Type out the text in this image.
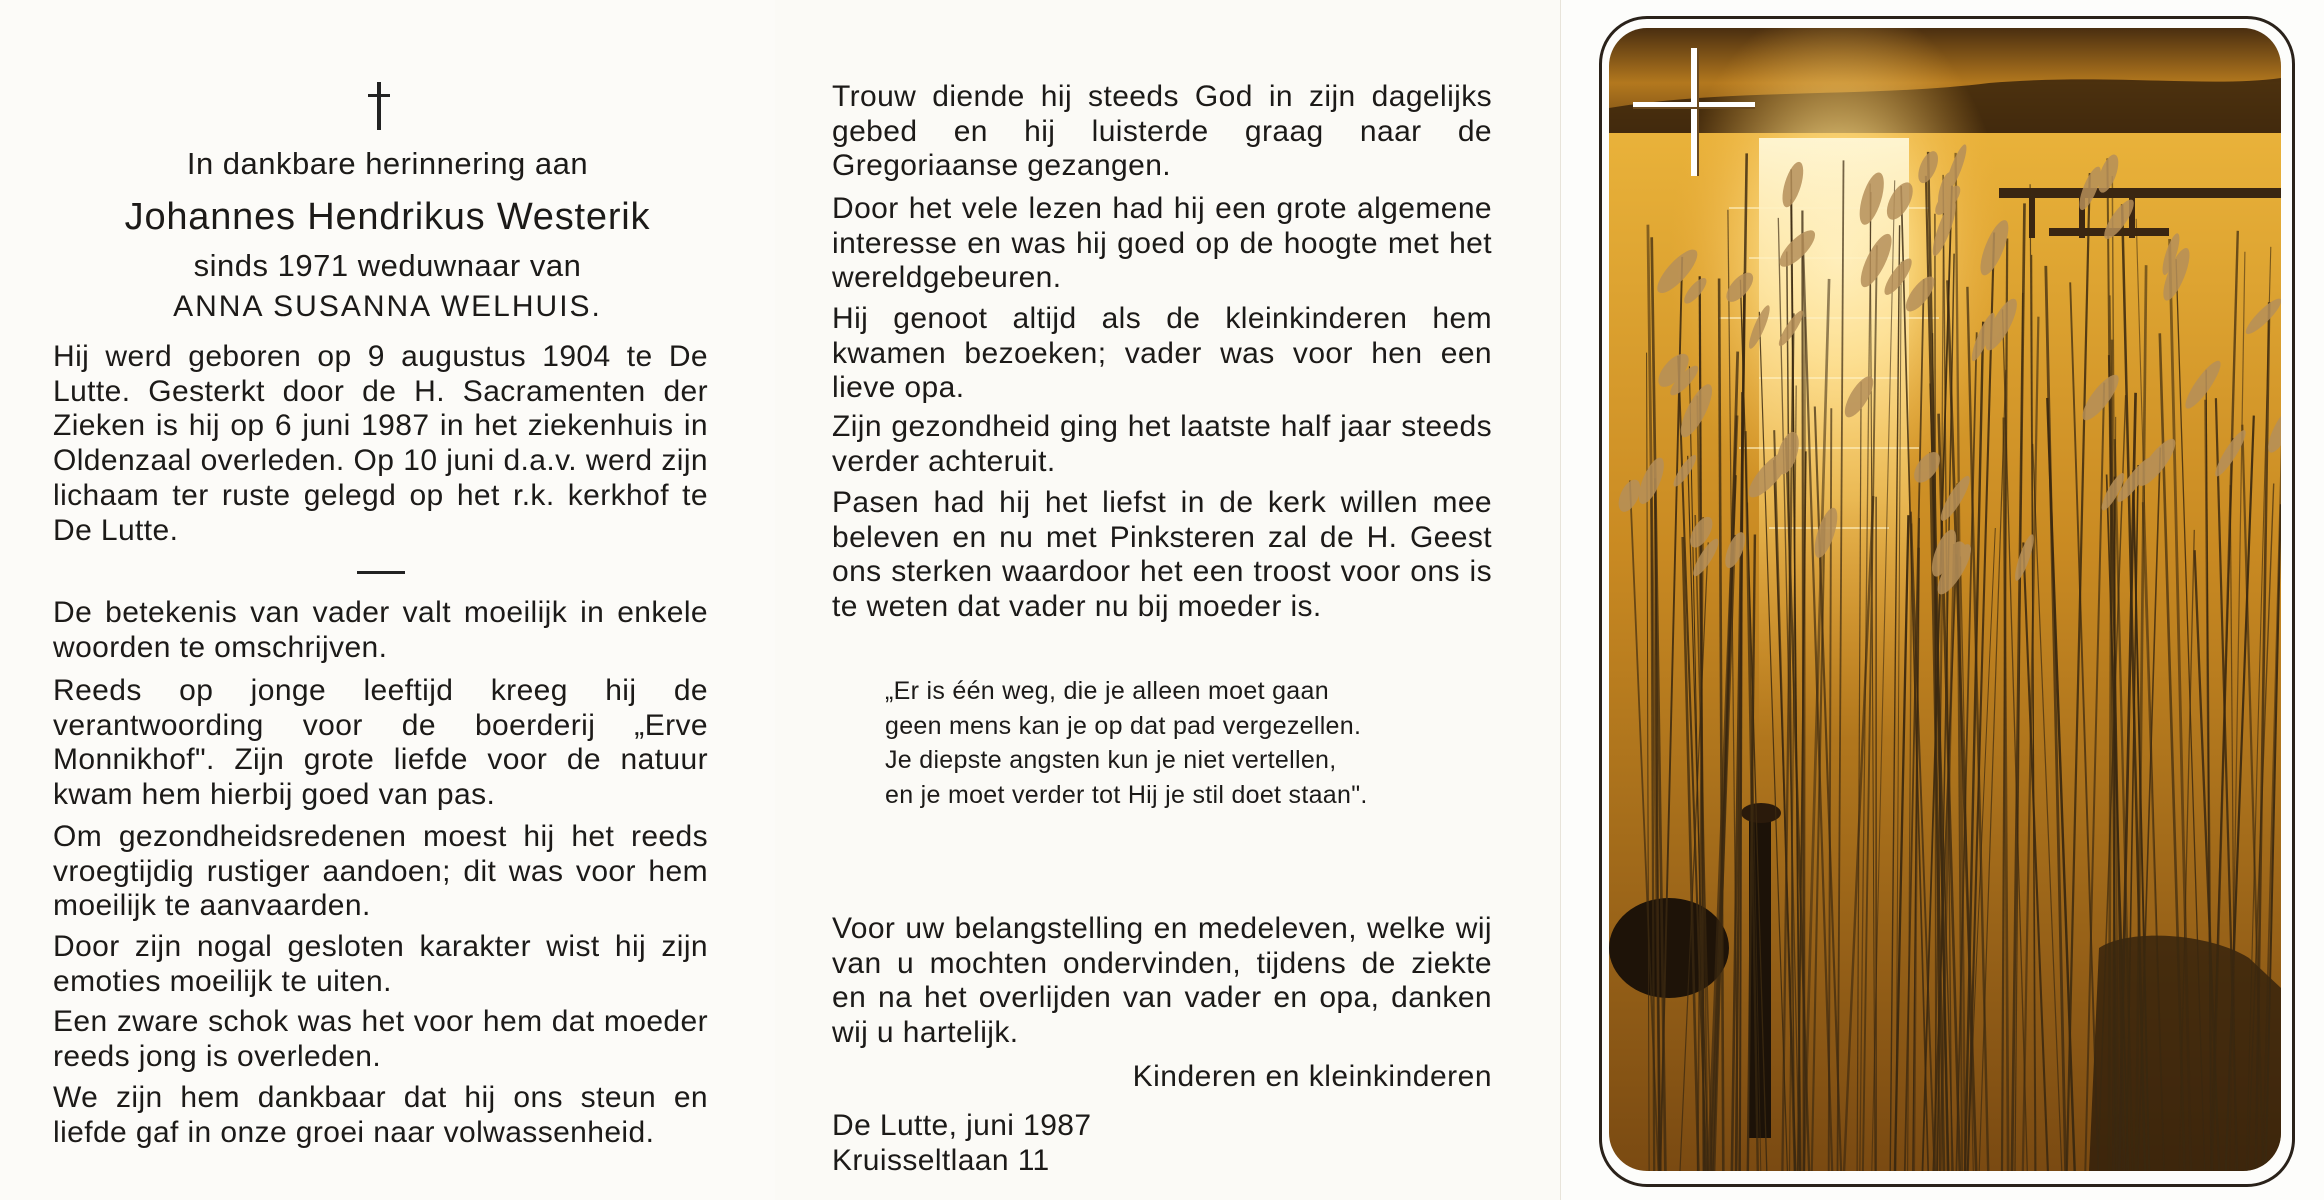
In dankbare herinnering aan
Johannes Hendrikus Westerik
sinds 1971 weduwnaar van
ANNA SUSANNA WELHUIS.

Hij werd geboren op 9 augustus 1904 te De Lutte. Gesterkt door de H. Sacramenten der Zieken is hij op 6 juni 1987 in het ziekenhuis in Oldenzaal overleden. Op 10 juni d.a.v. werd zijn lichaam ter ruste gelegd op het r.k. kerkhof te De Lutte.

De betekenis van vader valt moeilijk in enkele woorden te omschrijven.

Reeds op jonge leeftijd kreeg hij de verantwoording voor de boerderij „Erve Monnikhof". Zijn grote liefde voor de natuur kwam hem hierbij goed van pas.

Om gezondheidsredenen moest hij het reeds vroegtijdig rustiger aandoen; dit was voor hem moeilijk te aanvaarden.

Door zijn nogal gesloten karakter wist hij zijn emoties moeilijk te uiten.

Een zware schok was het voor hem dat moeder reeds jong is overleden.

We zijn hem dankbaar dat hij ons steun en liefde gaf in onze groei naar volwassenheid.

Trouw diende hij steeds God in zijn dagelijks gebed en hij luisterde graag naar de Gregoriaanse gezangen.

Door het vele lezen had hij een grote algemene interesse en was hij goed op de hoogte met het wereldgebeuren.

Hij genoot altijd als de kleinkinderen hem kwamen bezoeken; vader was voor hen een lieve opa.

Zijn gezondheid ging het laatste half jaar steeds verder achteruit.

Pasen had hij het liefst in de kerk willen mee beleven en nu met Pinksteren zal de H. Geest ons sterken waardoor het een troost voor ons is te weten dat vader nu bij moeder is.

„Er is één weg, die je alleen moet gaan
geen mens kan je op dat pad vergezellen.
Je diepste angsten kun je niet vertellen,
en je moet verder tot Hij je stil doet staan".

Voor uw belangstelling en medeleven, welke wij van u mochten ondervinden, tijdens de ziekte en na het overlijden van vader en opa, danken wij u hartelijk.

Kinderen en kleinkinderen
De Lutte, juni 1987
Kruisseltlaan 11
